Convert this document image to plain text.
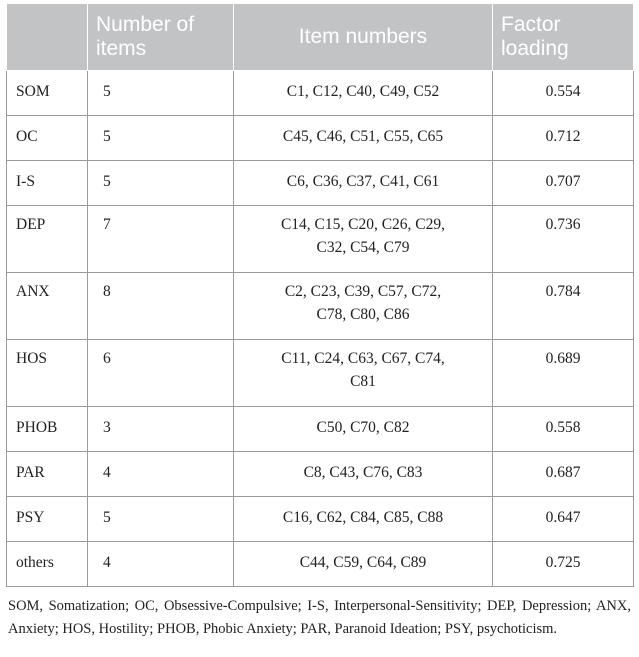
	Number of items	Item numbers	Factor loading
SOM	5	C1, C12, C40, C49, C52	0.554
OC	5	C45, C46, C51, C55, C65	0.712
I-S	5	C6, C36, C37, C41, C61	0.707
DEP	7	C14, C15, C20, C26, C29,
C32, C54, C79	0.736
ANX	8	C2, C23, C39, C57, C72,
C78, C80, C86	0.784
HOS	6	C11, C24, C63, C67, C74,
C81	0.689
PHOB	3	C50, C70, C82	0.558
PAR	4	C8, C43, C76, C83	0.687
PSY	5	C16, C62, C84, C85, C88	0.647
others	4	C44, C59, C64, C89	0.725
SOM, Somatization; OC, Obsessive-Compulsive; I-S, Interpersonal-Sensitivity; DEP, Depression; ANX, Anxiety; HOS, Hostility; PHOB, Phobic Anxiety; PAR, Paranoid Ideation; PSY, psychoticism.
